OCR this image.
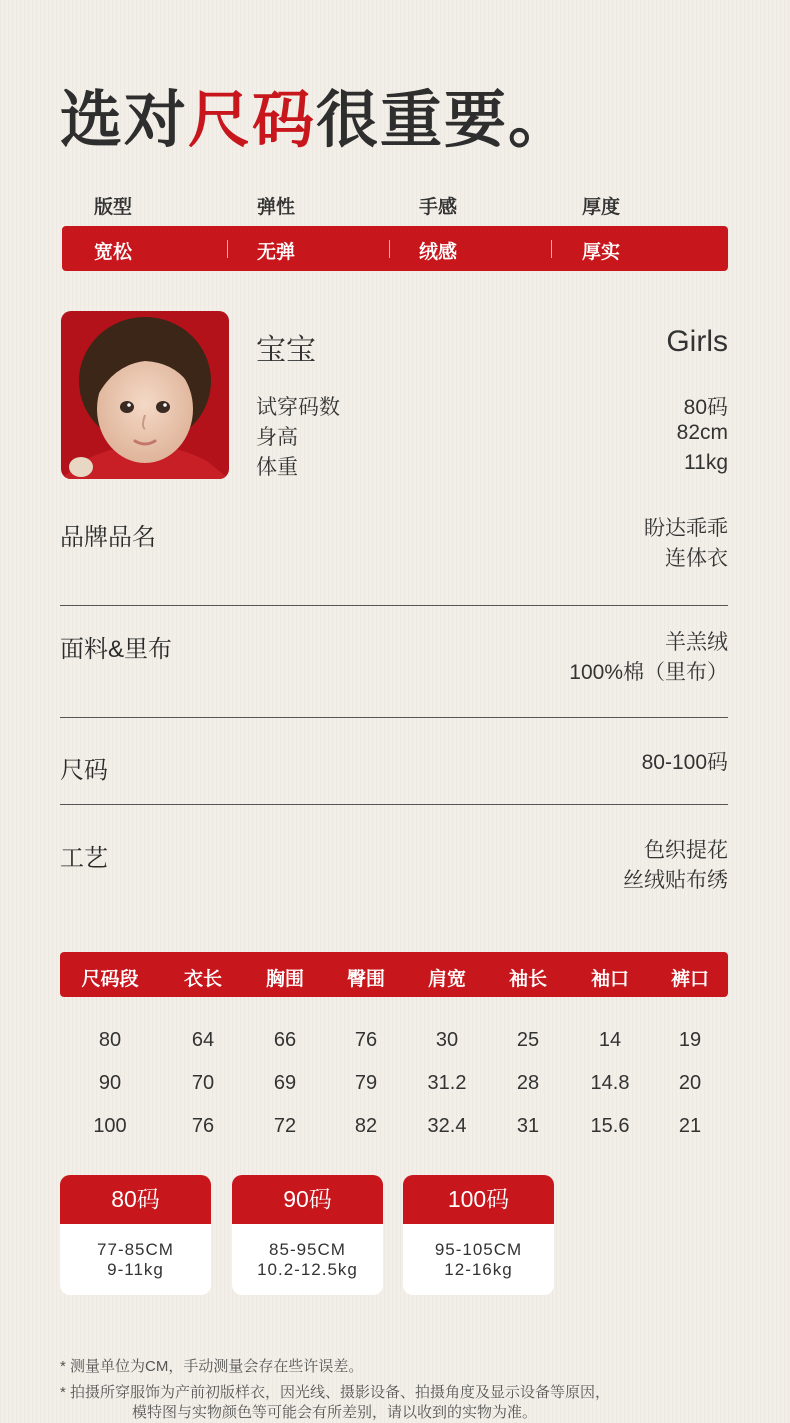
选对尺码很重要。
版型	弹性	手感	厚度
宽松	无弹	绒感	厚实
宝宝	Girls
试穿码数	80码
身高	82cm
体重	11kg
品牌品名	盼达乖乖
连体衣
面料&里布	羊羔绒
100%棉（里布）
尺码	80-100码
工艺	色织提花
丝绒贴布绣
尺码段	衣长	胸围	臀围	肩宽	袖长	袖口	裤口
80	64	66	76	30	25	14	19
90	70	69	79	31.2	28	14.8	20
100	76	72	82	32.4	31	15.6	21
80码
77-85CM
9-11kg
90码
85-95CM
10.2-12.5kg
100码
95-105CM
12-16kg
* 测量单位为CM，手动测量会存在些许误差。
* 拍摄所穿服饰为产前初版样衣，因光线、摄影设备、拍摄角度及显示设备等原因，
模特图与实物颜色等可能会有所差别，请以收到的实物为准。
